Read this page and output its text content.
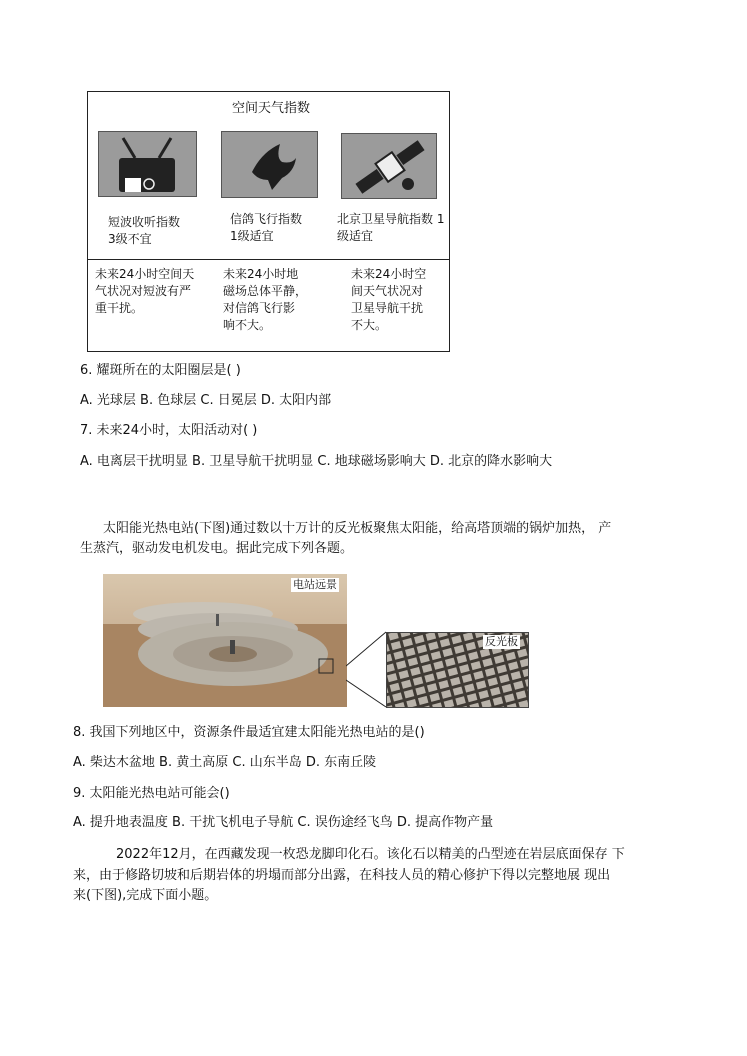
空间天气指数
短波收听指数
3级不宜
信鸽飞行指数
1级适宜
北京卫星导航指数 1
级适宜
未来24小时空间天
气状况对短波有严
重干扰。
未来24小时地
磁场总体平静，
对信鸽飞行影
响不大。
未来24小时空
间天气状况对
卫星导航干扰
不大。
6. 耀斑所在的太阳圈层是( )
A. 光球层 B. 色球层 C. 日冕层 D. 太阳内部
7. 未来24小时，太阳活动对( )
A. 电离层干扰明显 B. 卫星导航干扰明显 C. 地球磁场影响大 D. 北京的降水影响大
太阳能光热电站(下图)通过数以十万计的反光板聚焦太阳能，给高塔顶端的锅炉加热， 产
生蒸汽，驱动发电机发电。据此完成下列各题。
电站远景
反光板
8. 我国下列地区中，资源条件最适宜建太阳能光热电站的是()
A. 柴达木盆地 B. 黄土高原 C. 山东半岛 D. 东南丘陵
9. 太阳能光热电站可能会()
A. 提升地表温度 B. 干扰飞机电子导航 C. 误伤途经飞鸟 D. 提高作物产量
2022年12月，在西藏发现一枚恐龙脚印化石。该化石以精美的凸型迹在岩层底面保存 下
来，由于修路切坡和后期岩体的坍塌而部分出露，在科技人员的精心修护下得以完整地展 现出
来(下图),完成下面小题。
